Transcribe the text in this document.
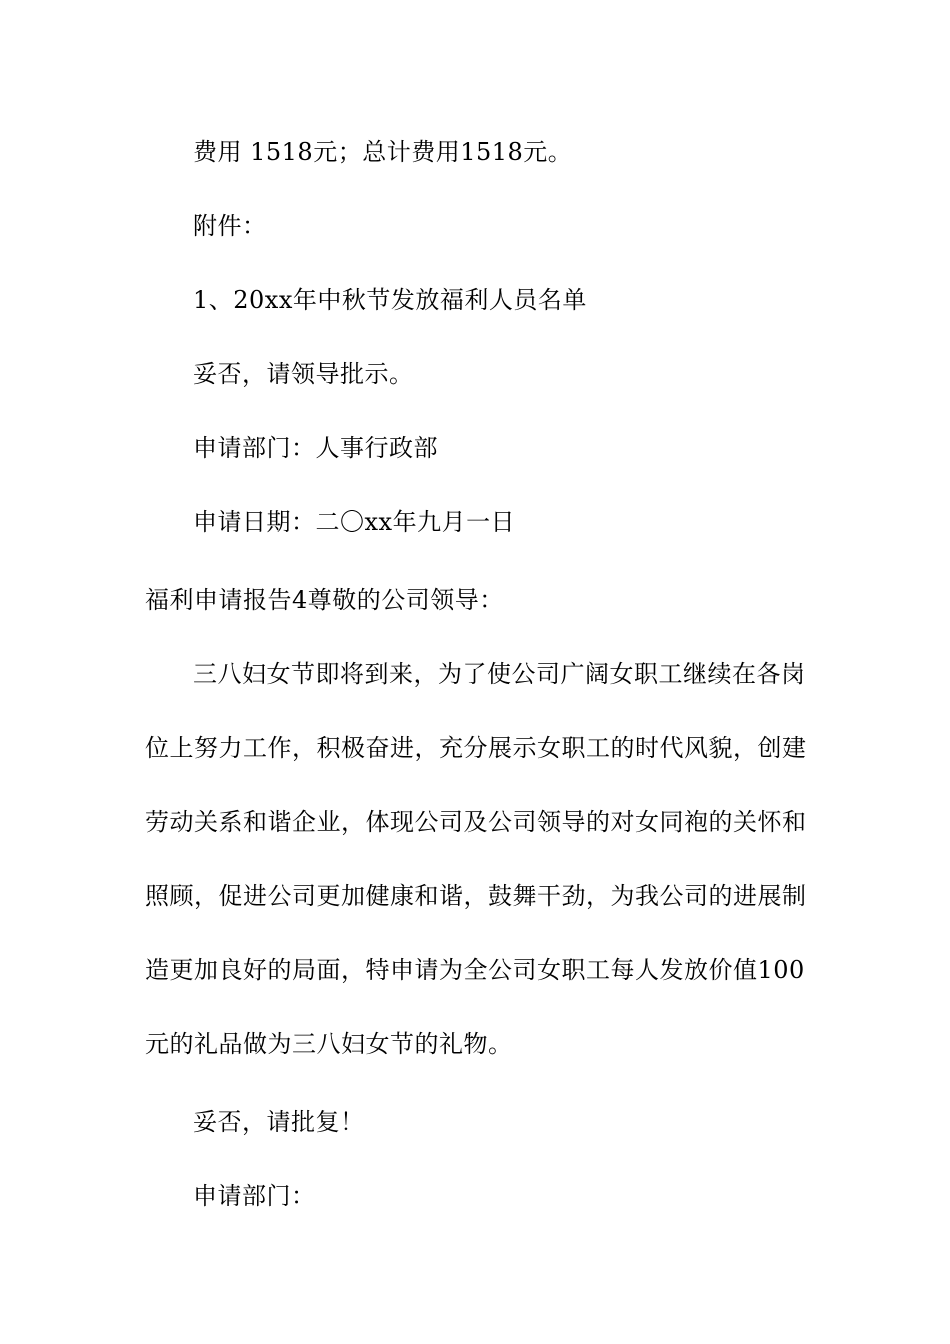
费用 1518元；总计费用1518元。
附件：
1、20xx年中秋节发放福利人员名单
妥否，请领导批示。
申请部门：人事行政部
申请日期：二〇xx年九月一日
福利申请报告4尊敬的公司领导：
三八妇女节即将到来，为了使公司广阔女职工继续在各岗
位上努力工作，积极奋进，充分展示女职工的时代风貌，创建
劳动关系和谐企业，体现公司及公司领导的对女同袍的关怀和
照顾，促进公司更加健康和谐，鼓舞干劲，为我公司的进展制
造更加良好的局面，特申请为全公司女职工每人发放价值100
元的礼品做为三八妇女节的礼物。
妥否，请批复！
申请部门：
